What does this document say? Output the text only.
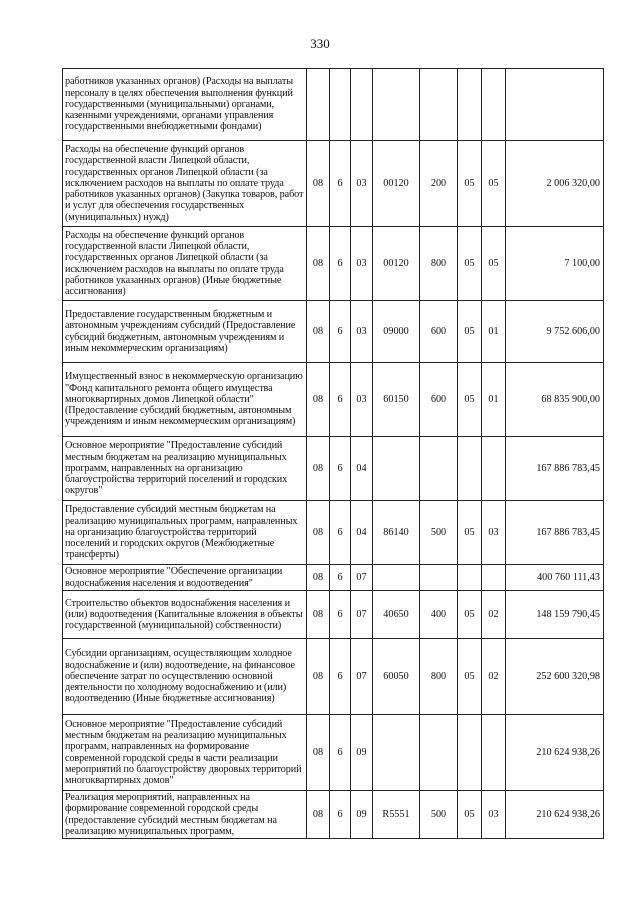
330
работников указанных органов) (Расходы на выплаты персоналу в целях обеспечения выполнения функций государственными (муниципальными) органами, казенными учреждениями, органами управления государственными внебюджетными фондами)								
Расходы на обеспечение функций органов государственной власти Липецкой области, государственных органов Липецкой области (за исключением расходов на выплаты по оплате труда работников указанных органов) (Закупка товаров, работ и услуг для обеспечения государственных (муниципальных) нужд)	08	6	03	00120	200	05	05	2 006 320,00
Расходы на обеспечение функций органов государственной власти Липецкой области, государственных органов Липецкой области (за исключением расходов на выплаты по оплате труда работников указанных органов) (Иные бюджетные ассигнования)	08	6	03	00120	800	05	05	7 100,00
Предоставление государственным бюджетным и автономным учреждениям субсидий (Предоставление субсидий бюджетным, автономным учреждениям и иным некоммерческим организациям)	08	6	03	09000	600	05	01	9 752 606,00
Имущественный взнос в некоммерческую организацию "Фонд капитального ремонта общего имущества многоквартирных домов Липецкой области" (Предоставление субсидий бюджетным, автономным учреждениям и иным некоммерческим организациям)	08	6	03	60150	600	05	01	68 835 900,00
Основное мероприятие "Предоставление субсидий местным бюджетам на реализацию муниципальных программ, направленных на организацию благоустройства территорий поселений и городских округов"	08	6	04					167 886 783,45
Предоставление субсидий местным бюджетам на реализацию муниципальных программ, направленных на организацию благоустройства территорий поселений и городских округов (Межбюджетные трансферты)	08	6	04	86140	500	05	03	167 886 783,45
Основное мероприятие "Обеспечение организации водоснабжения населения и водоотведения"	08	6	07					400 760 111,43
Строительство объектов водоснабжения населения и (или) водоотведения (Капитальные вложения в объекты государственной (муниципальной) собственности)	08	6	07	40650	400	05	02	148 159 790,45
Субсидии организациям, осуществляющим холодное водоснабжение и (или) водоотведение, на финансовое обеспечение затрат по осуществлению основной деятельности по холодному водоснабжению и (или) водоотведению (Иные бюджетные ассигнования)	08	6	07	60050	800	05	02	252 600 320,98
Основное мероприятие "Предоставление субсидий местным бюджетам на реализацию муниципальных программ, направленных на формирование современной городской среды в части реализации мероприятий по благоустройству дворовых территорий многоквартирных домов"	08	6	09					210 624 938,26
Реализация мероприятий, направленных на формирование современной городской среды (предоставление субсидий местным бюджетам на реализацию муниципальных программ,	08	6	09	R5551	500	05	03	210 624 938,26
